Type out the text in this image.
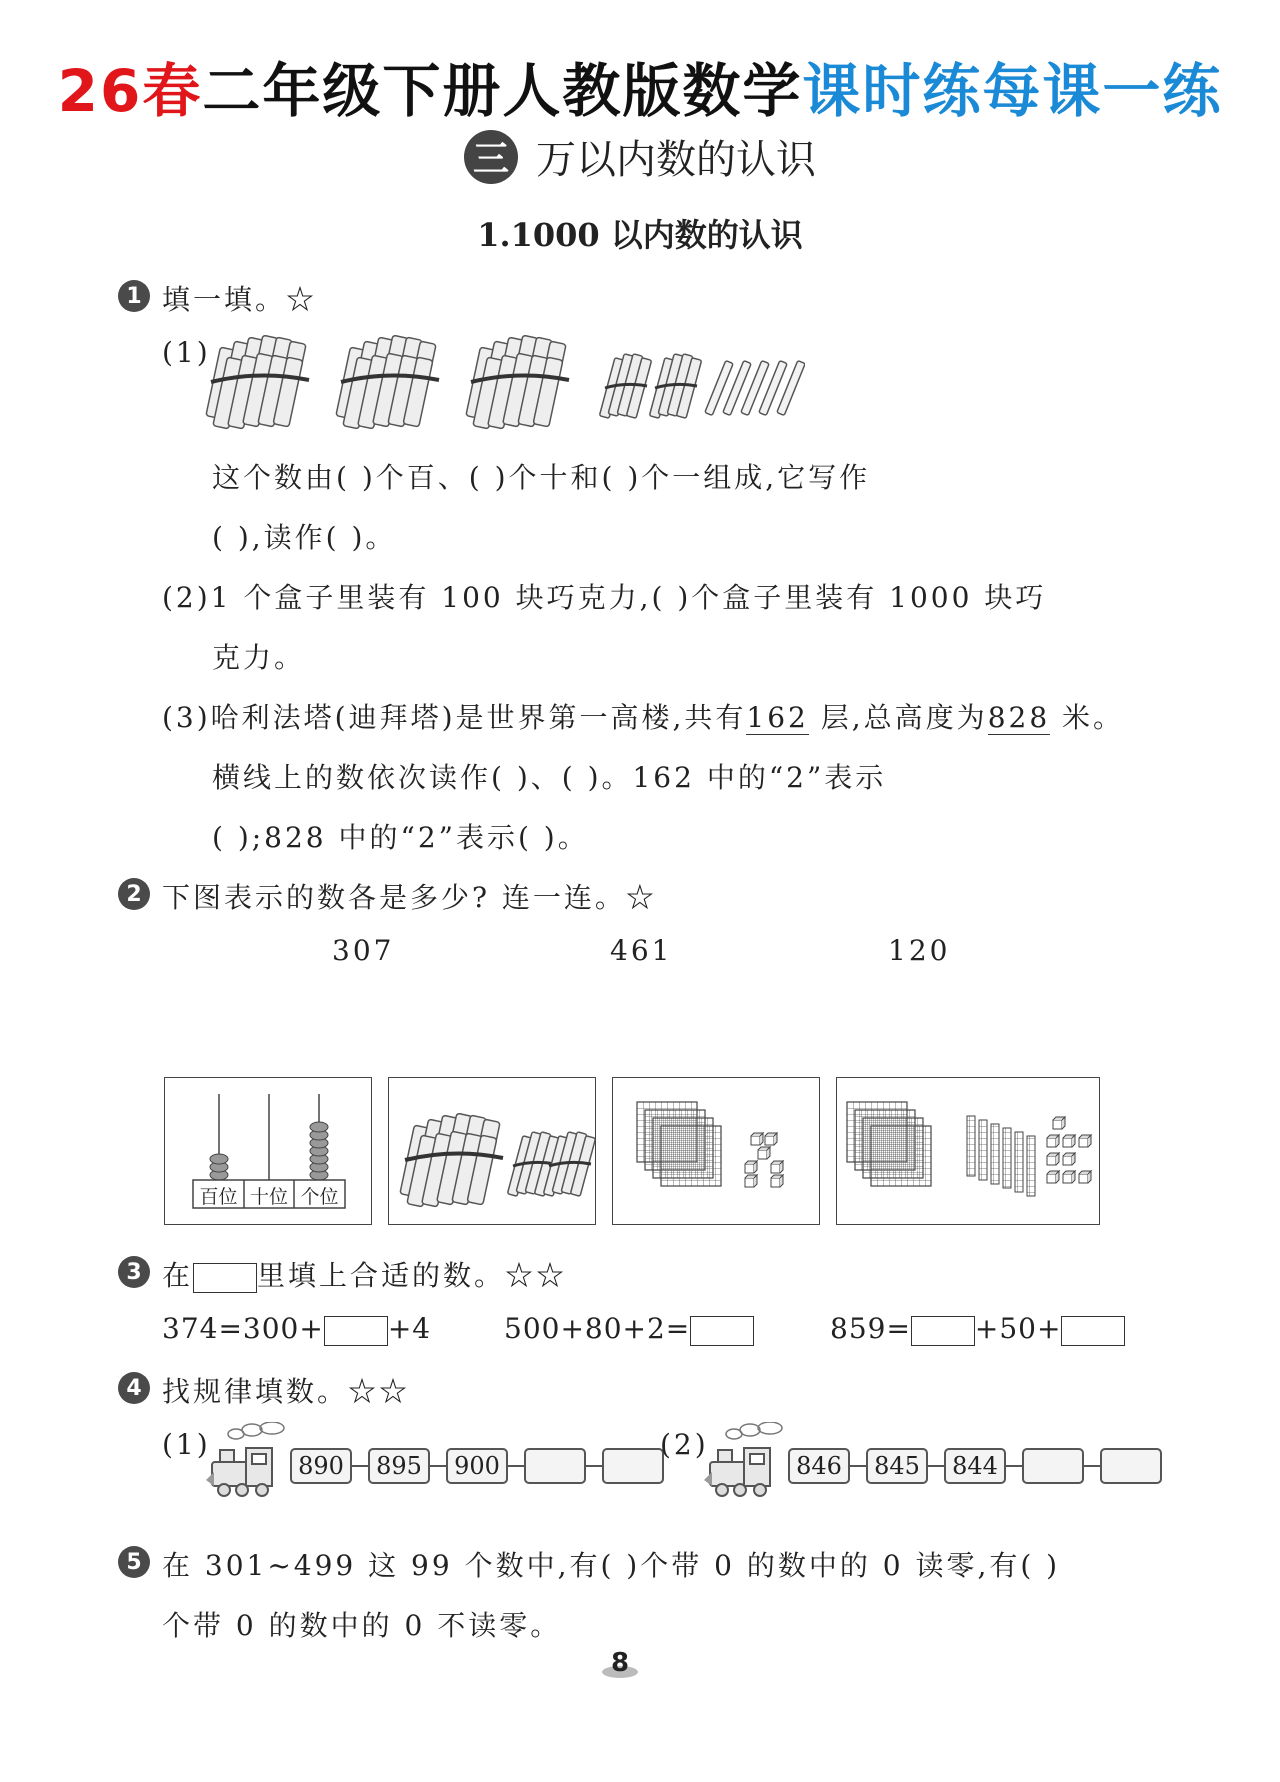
26春二年级下册人教版数学课时练每课一练
三 万以内数的认识
1.1000 以内数的认识
1 填一填。☆
(1)
这个数由( )个百、( )个十和( )个一组成,它写作
( ),读作( )。
(2)1 个盒子里装有 100 块巧克力,( )个盒子里装有 1000 块巧
克力。
(3)哈利法塔(迪拜塔)是世界第一高楼,共有162 层,总高度为828 米。
横线上的数依次读作( )、( )。162 中的“2”表示
( );828 中的“2”表示( )。
2 下图表示的数各是多少? 连一连。☆
307	461	120
百位 十位 个位
3 在 里填上合适的数。☆☆
374=300+ +4	500+80+2=	859= +50+
4 找规律填数。☆☆
(1)
890	895	900
(2)
846	845	844
5 在 301~499 这 99 个数中,有( )个带 0 的数中的 0 读零,有( )
个带 0 的数中的 0 不读零。
8
